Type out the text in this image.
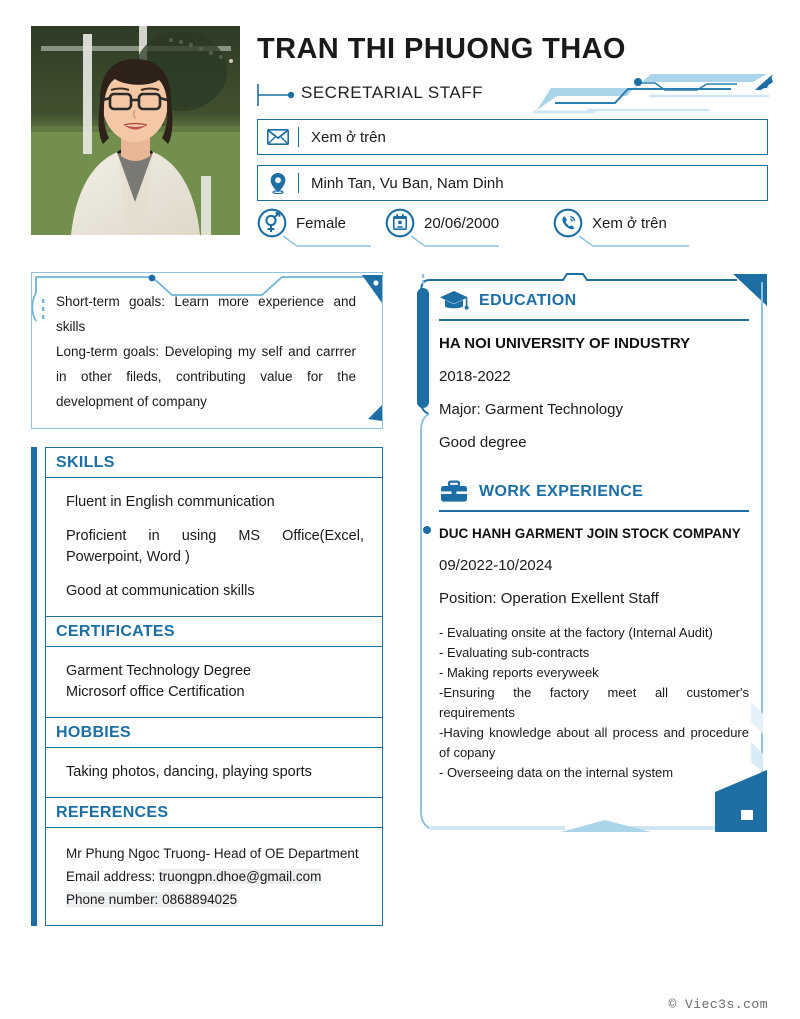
TRAN THI PHUONG THAO
SECRETARIAL STAFF
Xem ở trên
Minh Tan, Vu Ban, Nam Dinh
Female	20/06/2000	Xem ở trên
Short-term goals: Learn more experience and skills
Long-term goals: Developing my self and carrrer in other fileds, contributing value for the development of company
SKILLS

Fluent in English communication

Proficient in using MS Office(Excel, Powerpoint, Word )

Good at communication skills

CERTIFICATES

Garment Technology Degree

Microsorf office Certification

HOBBIES

Taking photos, dancing, playing sports

REFERENCES

Mr Phung Ngoc Truong- Head of OE Department

Email address: truongpn.dhoe@gmail.com

Phone number: 0868894025

EDUCATION
HA NOI UNIVERSITY OF INDUSTRY
2018-2022
Major: Garment Technology
Good degree
WORK EXPERIENCE
DUC HANH GARMENT JOIN STOCK COMPANY
09/2022-10/2024
Position: Operation Exellent Staff

- Evaluating onsite at the factory (Internal Audit)

- Evaluating sub-contracts

- Making reports everyweek

-Ensuring the factory meet all customer's requirements

-Having knowledge about all process and procedure of copany

- Overseeing data on the internal system

© Viec3s.com
